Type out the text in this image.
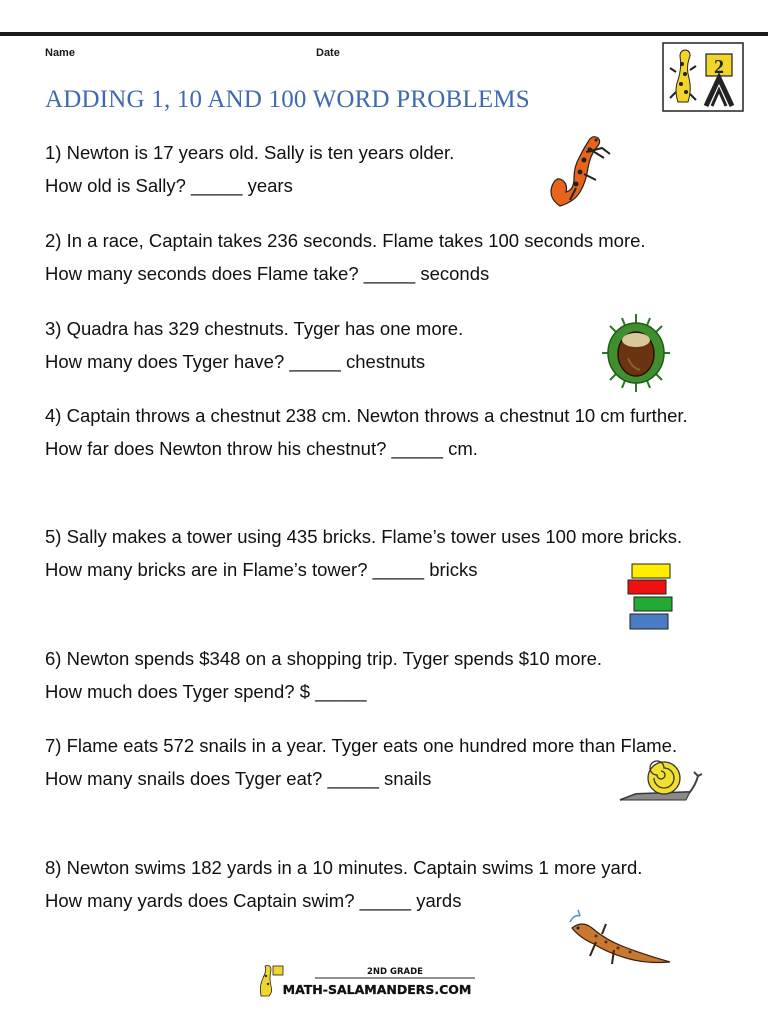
Name	Date
ADDING 1, 10 AND 100 WORD PROBLEMS
2

1) Newton is 17 years old. Sally is ten years older.

How old is Sally? _____ years

2) In a race, Captain takes 236 seconds. Flame takes 100 seconds more.

How many seconds does Flame take? _____ seconds

3) Quadra has 329 chestnuts. Tyger has one more.

How many does Tyger have? _____ chestnuts

4) Captain throws a chestnut 238 cm. Newton throws a chestnut 10 cm further.

How far does Newton throw his chestnut? _____ cm.

5) Sally makes a tower using 435 bricks. Flame’s tower uses 100 more bricks.

How many bricks are in Flame’s tower? _____ bricks

6) Newton spends $348 on a shopping trip. Tyger spends $10 more.

How much does Tyger spend? $ _____

7) Flame eats 572 snails in a year. Tyger eats one hundred more than Flame.

How many snails does Tyger eat? _____ snails

8) Newton swims 182 yards in a 10 minutes. Captain swims 1 more yard.

How many yards does Captain swim? _____ yards

2ND GRADE
MATH-SALAMANDERS.COM
